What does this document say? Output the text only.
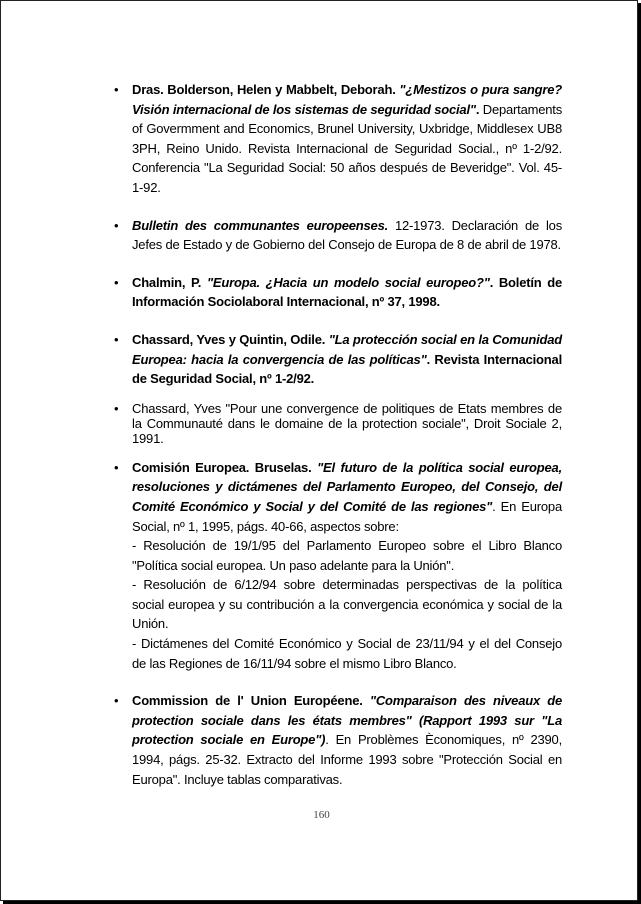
• Dras. Bolderson, Helen y Mabbelt, Deborah. "¿Mestizos o pura sangre? Visión internacional de los sistemas de seguridad social". Departaments of Govermment and Economics, Brunel University, Uxbridge, Middlesex UB8 3PH, Reino Unido. Revista Internacional de Seguridad Social., nº 1-2/92. Conferencia "La Seguridad Social: 50 años después de Beveridge". Vol. 45-1-92.
• Bulletin des communantes europeenses. 12-1973. Declaración de los Jefes de Estado y de Gobierno del Consejo de Europa de 8 de abril de 1978.
• Chalmin, P. "Europa. ¿Hacia un modelo social europeo?". Boletín de Información Sociolaboral Internacional, nº 37, 1998.
• Chassard, Yves y Quintin, Odile. "La protección social en la Comunidad Europea: hacia la convergencia de las políticas". Revista Internacional de Seguridad Social, nº 1-2/92.
• Chassard, Yves "Pour une convergence de politiques de Etats membres de la Communauté dans le domaine de la protection sociale", Droit Sociale 2, 1991.
• Comisión Europea. Bruselas. "El futuro de la política social europea, resoluciones y dictámenes del Parlamento Europeo, del Consejo, del Comité Económico y Social y del Comité de las regiones". En Europa Social, nº 1, 1995, págs. 40-66, aspectos sobre:
- Resolución de 19/1/95 del Parlamento Europeo sobre el Libro Blanco "Política social europea. Un paso adelante para la Unión".
- Resolución de 6/12/94 sobre determinadas perspectivas de la política social europea y su contribución a la convergencia económica y social de la Unión.
- Dictámenes del Comité Económico y Social de 23/11/94 y el del Consejo de las Regiones de 16/11/94 sobre el mismo Libro Blanco.
• Commission de l' Union Européene. "Comparaison des niveaux de protection sociale dans les états membres" (Rapport 1993 sur "La protection sociale en Europe"). En Problèmes Èconomiques, nº 2390, 1994, págs. 25-32. Extracto del Informe 1993 sobre "Protección Social en Europa". Incluye tablas comparativas.
160
